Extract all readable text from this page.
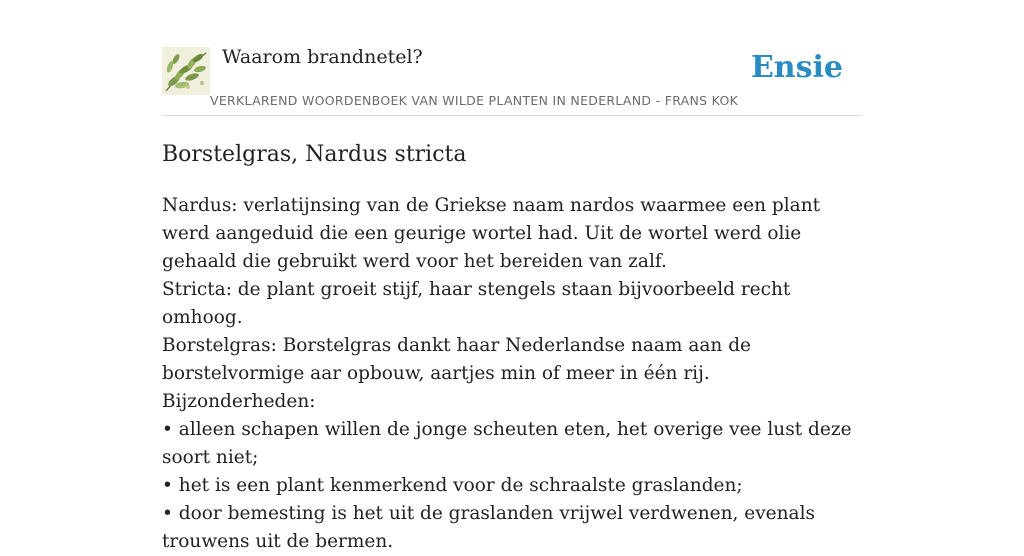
Waarom brandnetel?
VERKLAREND WOORDENBOEK VAN WILDE PLANTEN IN NEDERLAND - FRANS KOK
Ensie
Borstelgras, Nardus stricta

Nardus: verlatijnsing van de Griekse naam nardos waarmee een plant werd aangeduid die een geurige wortel had. Uit de wortel werd olie gehaald die gebruikt werd voor het bereiden van zalf.

Stricta: de plant groeit stijf, haar stengels staan bijvoorbeeld recht omhoog.

Borstelgras: Borstelgras dankt haar Nederlandse naam aan de borstelvormige aar opbouw, aartjes min of meer in één rij.

Bijzonderheden:

• alleen schapen willen de jonge scheuten eten, het overige vee lust deze soort niet;

• het is een plant kenmerkend voor de schraalste graslanden;

• door bemesting is het uit de graslanden vrijwel verdwenen, evenals trouwens uit de bermen.
